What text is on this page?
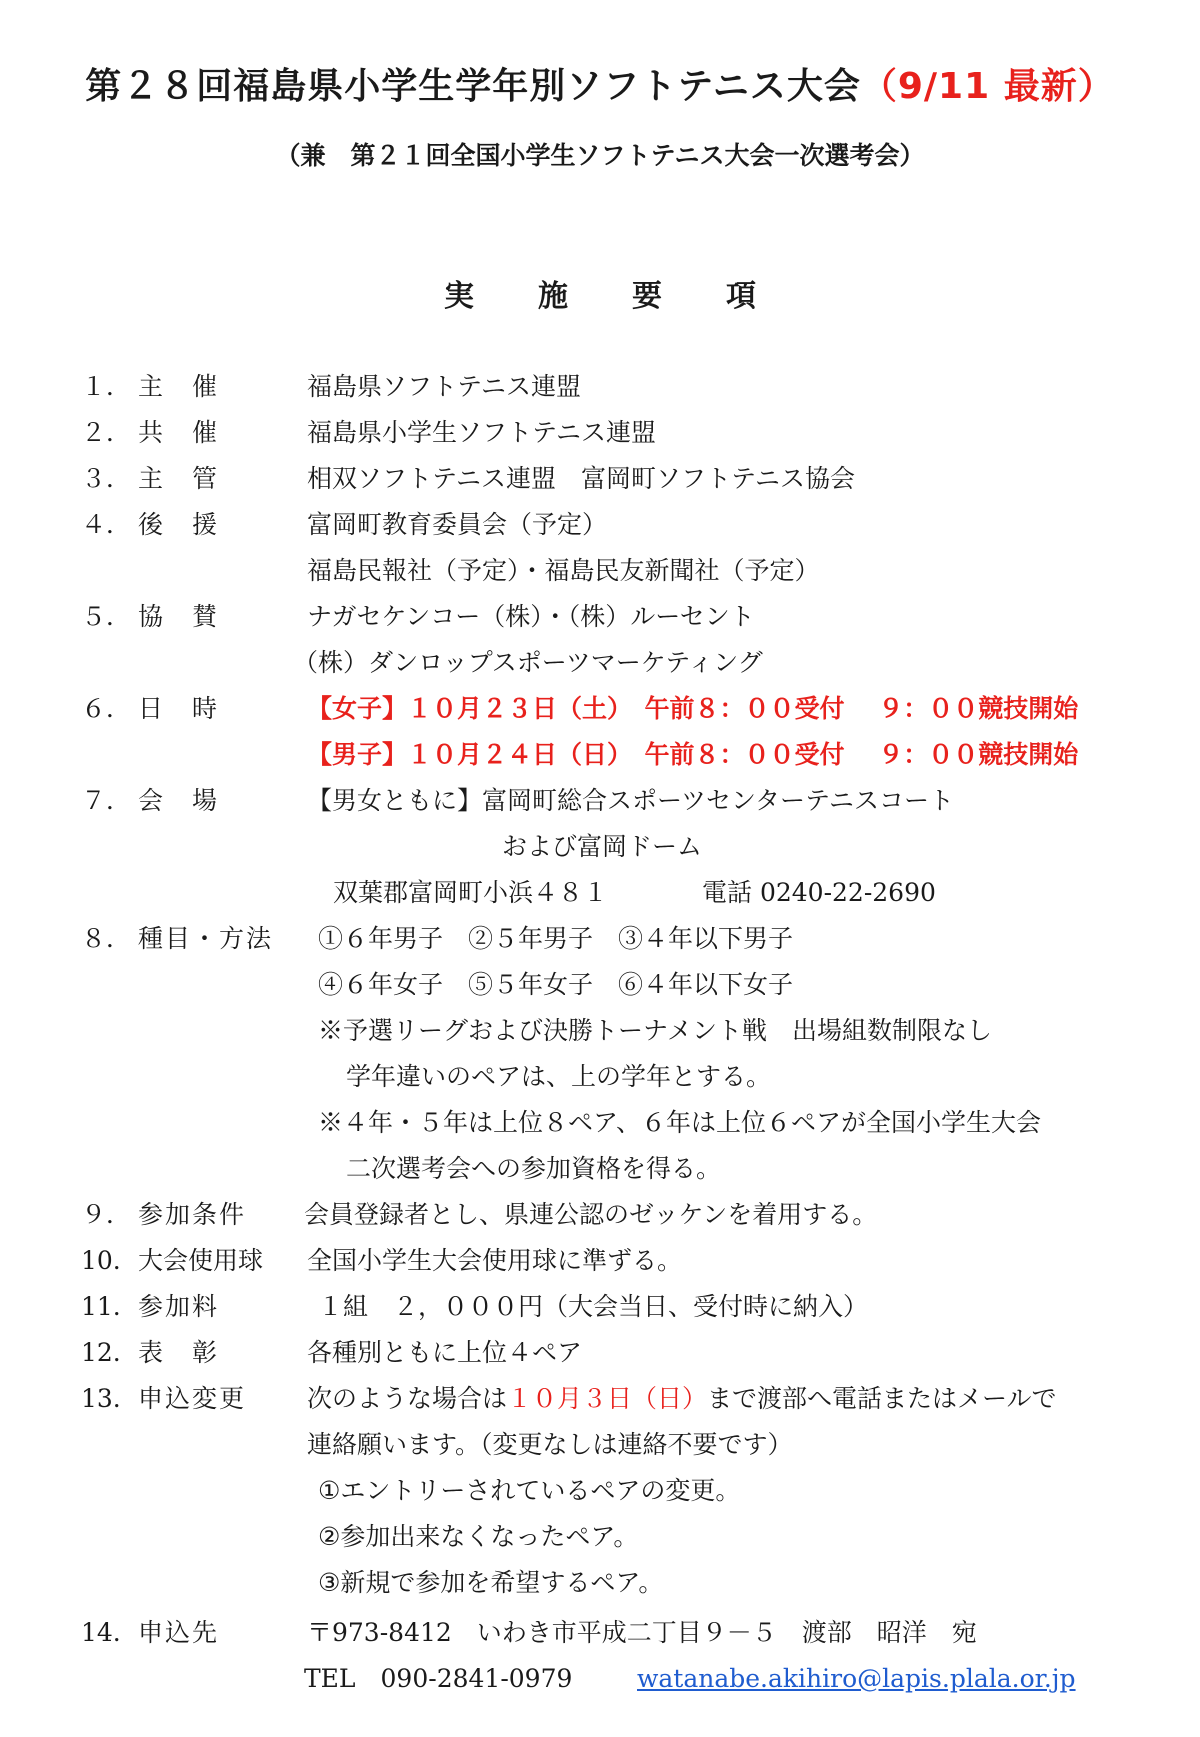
第２８回福島県小学生学年別ソフトテニス大会（9/11 最新）
（兼　第２１回全国小学生ソフトテニス大会一次選考会）
実施要項
１． 主　催	福島県ソフトテニス連盟
２． 共　催	福島県小学生ソフトテニス連盟
３． 主　管	相双ソフトテニス連盟　富岡町ソフトテニス協会
４． 後　援	富岡町教育委員会（予定）
福島民報社（予定）・福島民友新聞社（予定）
５． 協　賛	ナガセケンコー（株）・（株）ルーセント
（株）ダンロップスポーツマーケティング
６． 日　時	【女子】１０月２３日（土）　午前８：００受付　 ９：００競技開始
【男子】１０月２４日（日）　午前８：００受付　 ９：００競技開始
７． 会　場	【男女ともに】富岡町総合スポーツセンターテニスコート
および富岡ドーム
双葉郡富岡町小浜４８１	電話 0240-22-2690
８． 種目・方法 ①６年男子　②５年男子　③４年以下男子
④６年女子　⑤５年女子　⑥４年以下女子
※予選リーグおよび決勝トーナメント戦　出場組数制限なし
学年違いのペアは、上の学年とする。
※４年・５年は上位８ペア、６年は上位６ペアが全国小学生大会
二次選考会への参加資格を得る。
９． 参加条件 会員登録者とし、県連公認のゼッケンを着用する。
10. 大会使用球 全国小学生大会使用球に準ずる。
11. 参加料	１組　２，０００円（大会当日、受付時に納入）
12. 表　彰	各種別ともに上位４ペア
13. 申込変更 次のような場合は１０月３日（日）まで渡部へ電話またはメールで
連絡願います。（変更なしは連絡不要です）
①エントリーされているペアの変更。
②参加出来なくなったペア。
③新規で参加を希望するペア。
14. 申込先	〒973-8412　いわき市平成二丁目９－５　渡部　昭洋　宛
TEL　090-2841-0979	watanabe.akihiro@lapis.plala.or.jp
